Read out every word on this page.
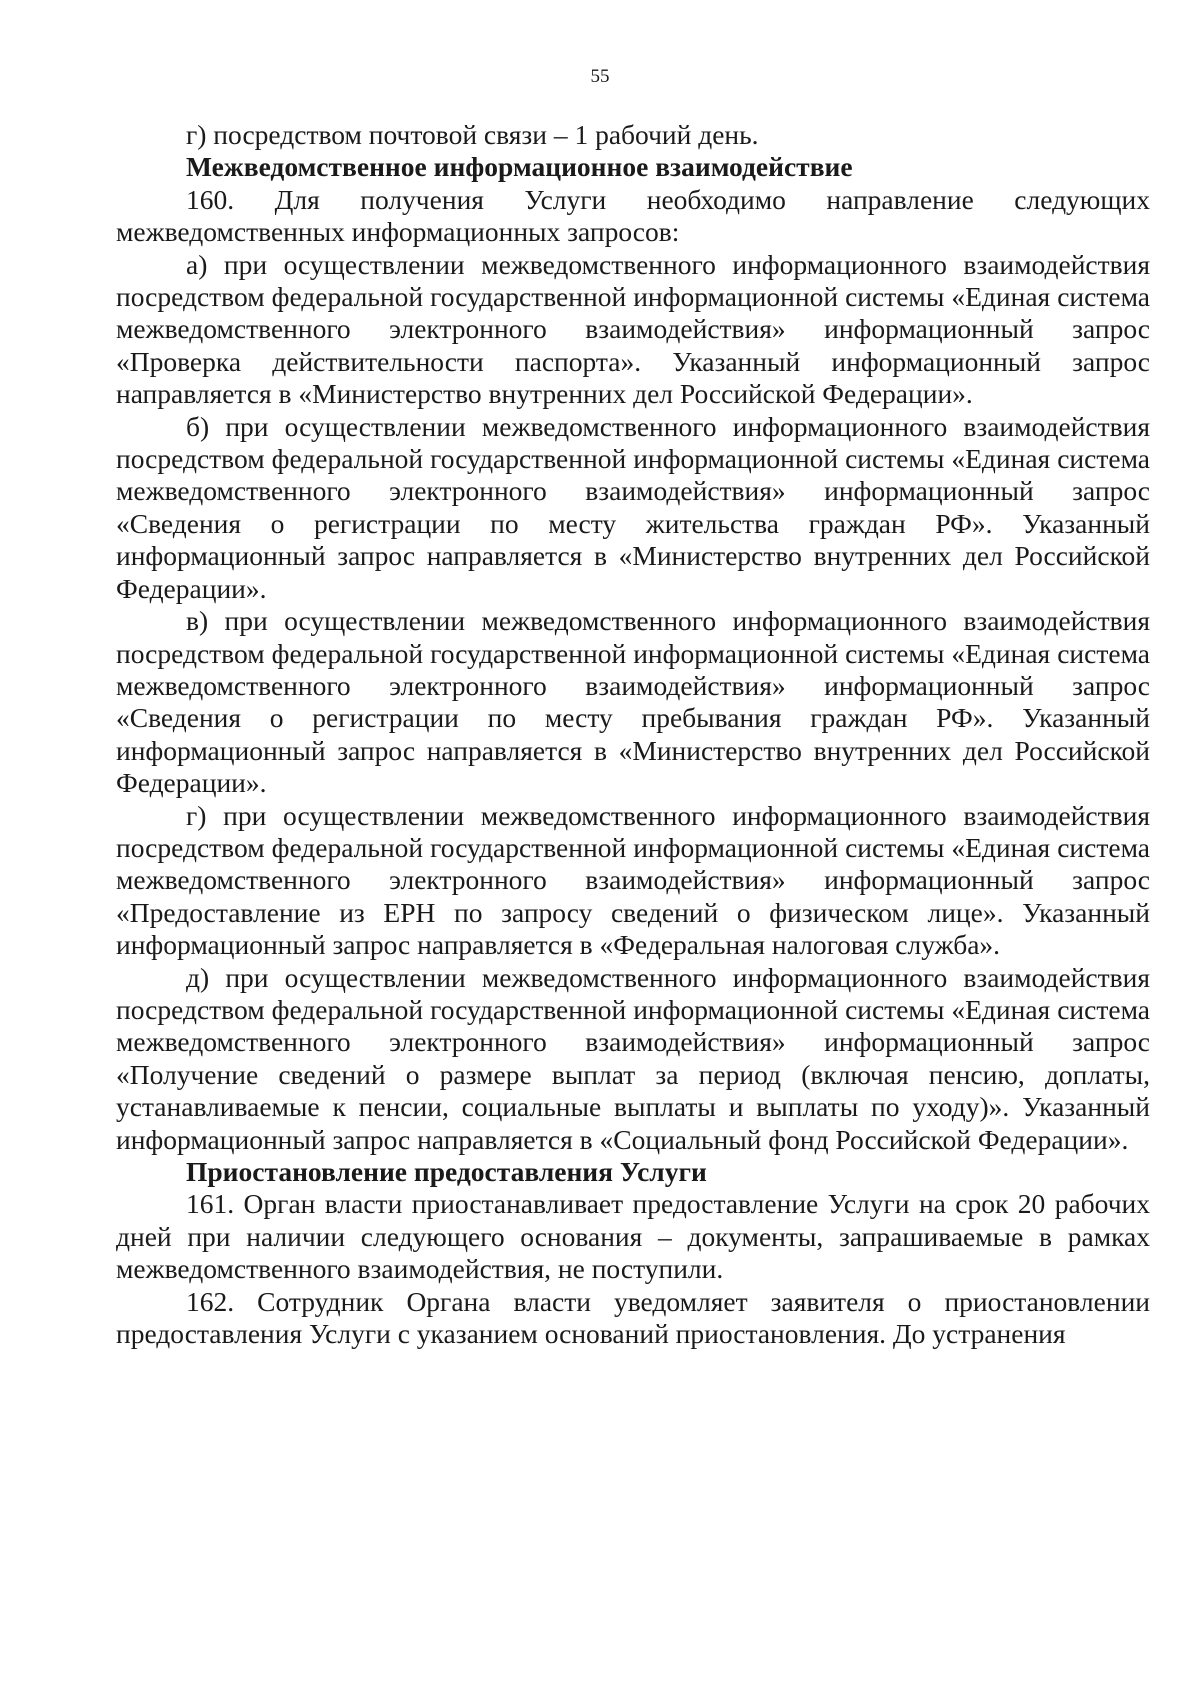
55

г) посредством почтовой связи – 1 рабочий день.

Межведомственное информационное взаимодействие

160. Для получения Услуги необходимо направление следующих межведомственных информационных запросов:

а) при осуществлении межведомственного информационного взаимодействия посредством федеральной государственной информационной системы «Единая система межведомственного электронного взаимодействия» информационный запрос «Проверка действительности паспорта». Указанный информационный запрос направляется в «Министерство внутренних дел Российской Федерации».

б) при осуществлении межведомственного информационного взаимодействия посредством федеральной государственной информационной системы «Единая система межведомственного электронного взаимодействия» информационный запрос «Сведения о регистрации по месту жительства граждан РФ». Указанный информационный запрос направляется в «Министерство внутренних дел Российской Федерации».

в) при осуществлении межведомственного информационного взаимодействия посредством федеральной государственной информационной системы «Единая система межведомственного электронного взаимодействия» информационный запрос «Сведения о регистрации по месту пребывания граждан РФ». Указанный информационный запрос направляется в «Министерство внутренних дел Российской Федерации».

г) при осуществлении межведомственного информационного взаимодействия посредством федеральной государственной информационной системы «Единая система межведомственного электронного взаимодействия» информационный запрос «Предоставление из ЕРН по запросу сведений о физическом лице». Указанный информационный запрос направляется в «Федеральная налоговая служба».

д) при осуществлении межведомственного информационного взаимодействия посредством федеральной государственной информационной системы «Единая система межведомственного электронного взаимодействия» информационный запрос «Получение сведений о размере выплат за период (включая пенсию, доплаты, устанавливаемые к пенсии, социальные выплаты и выплаты по уходу)». Указанный информационный запрос направляется в «Социальный фонд Российской Федерации».

Приостановление предоставления Услуги

161. Орган власти приостанавливает предоставление Услуги на срок 20 рабочих дней при наличии следующего основания – документы, запрашиваемые в рамках межведомственного взаимодействия, не поступили.

162. Сотрудник Органа власти уведомляет заявителя о приостановлении предоставления Услуги с указанием оснований приостановления. До устранения
